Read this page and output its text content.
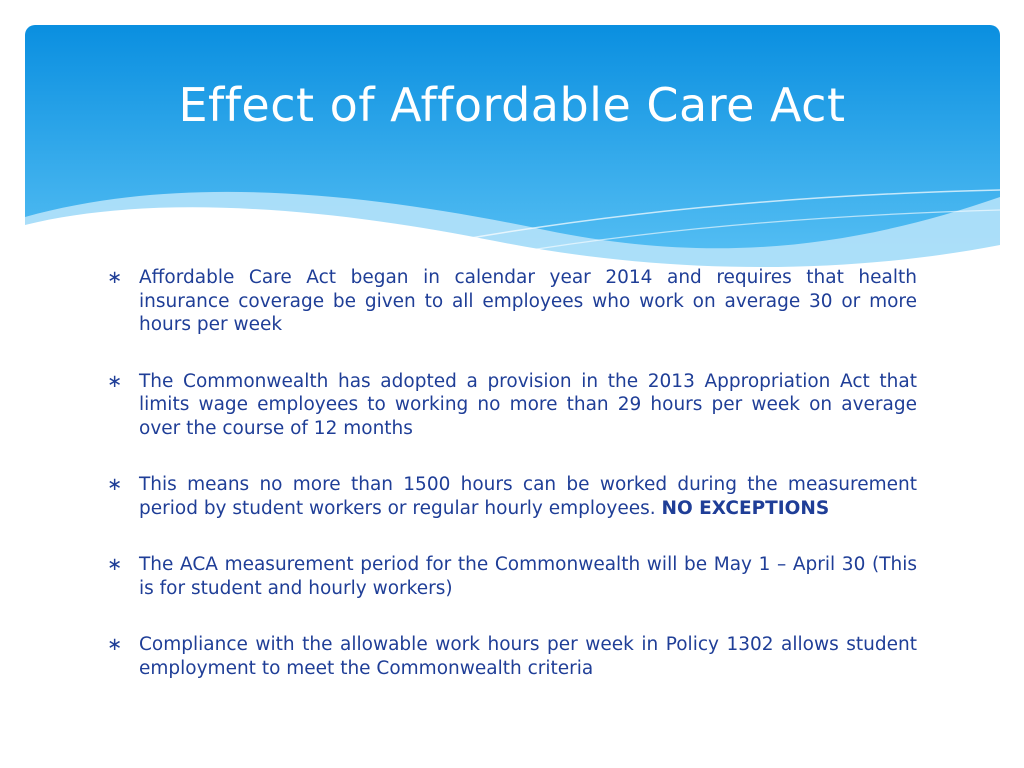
Effect of Affordable Care Act
∗ Affordable Care Act began in calendar year 2014 and requires that health insurance coverage be given to all employees who work on average 30 or more hours per week
∗ The Commonwealth has adopted a provision in the 2013 Appropriation Act that limits wage employees to working no more than 29 hours per week on average over the course of 12 months
∗ This means no more than 1500 hours can be worked during the measurement period by student workers or regular hourly employees. NO EXCEPTIONS
∗ The ACA measurement period for the Commonwealth will be May 1 – April 30 (This is for student and hourly workers)
∗ Compliance with the allowable work hours per week in Policy 1302 allows student employment to meet the Commonwealth criteria
